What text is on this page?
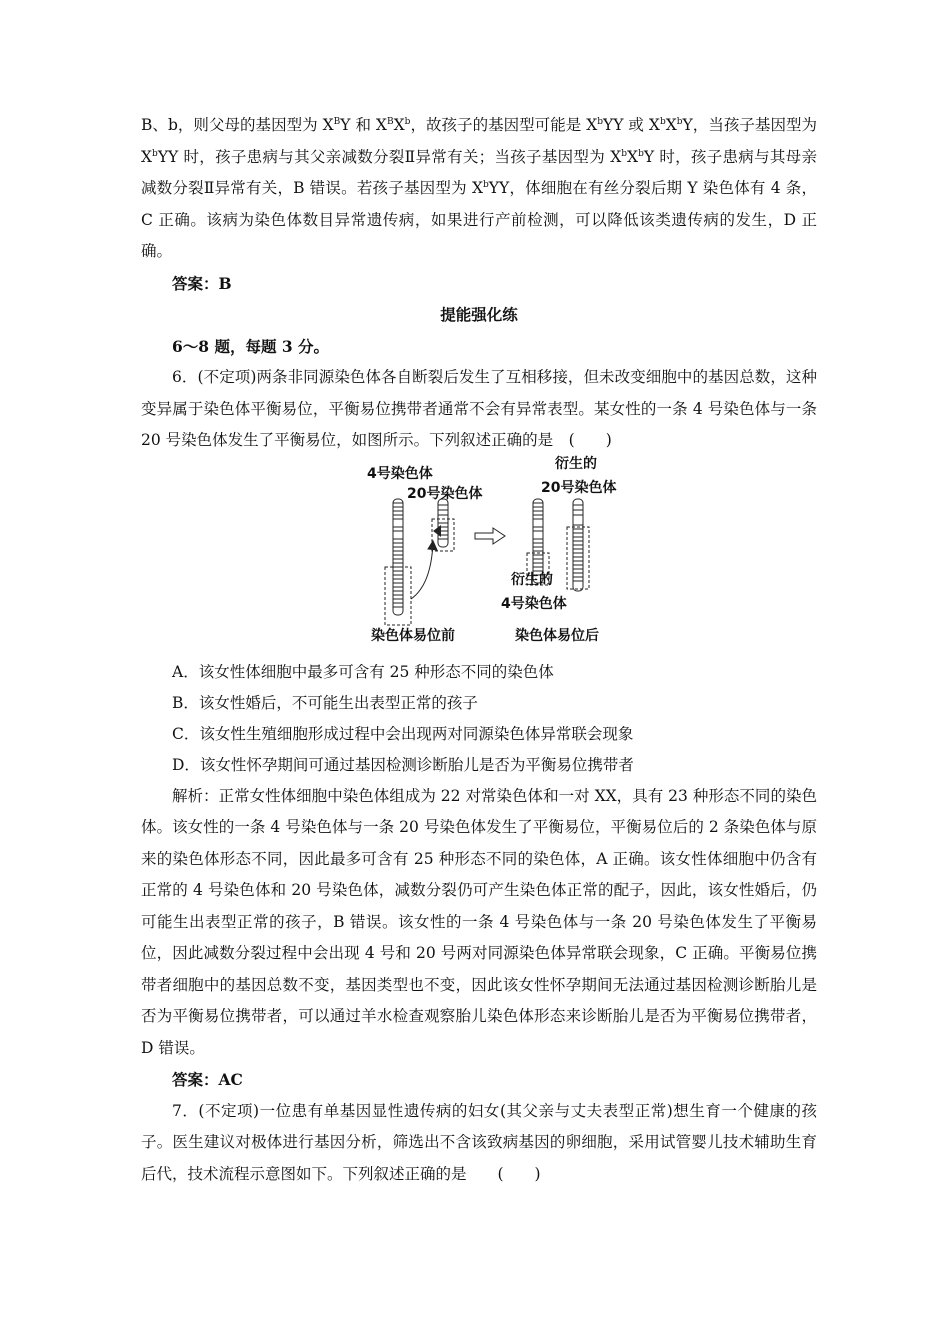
B、b，则父母的基因型为 $X^BY$ 和 $X^BX^b$，故孩子的基因型可能是 $X^bYY$ 或 $X^bX^bY$，当孩子基因型为 $X^bYY$ 时，孩子患病与其父亲减数分裂Ⅱ异常有关；当孩子基因型为 $X^bX^bY$ 时，孩子患病与其母亲减数分裂Ⅱ异常有关，B 错误。若孩子基因型为 $X^bYY$，体细胞在有丝分裂后期 Y 染色体有 4 条，C 正确。该病为染色体数目异常遗传病，如果进行产前检测，可以降低该类遗传病的发生，D 正确。

答案：B

提能强化练

6～8 题，每题 3 分。

6．(不定项)两条非同源染色体各自断裂后发生了互相移接，但未改变细胞中的基因总数，这种变异属于染色体平衡易位，平衡易位携带者通常不会有异常表型。某女性的一条 4 号染色体与一条 20 号染色体发生了平衡易位，如图所示。下列叙述正确的是　(　　)

4号染色体
20号染色体
衍生的
20号染色体
衍生的
4号染色体
染色体易位前	染色体易位后

A．该女性体细胞中最多可含有 25 种形态不同的染色体

B．该女性婚后，不可能生出表型正常的孩子

C．该女性生殖细胞形成过程中会出现两对同源染色体异常联会现象

D．该女性怀孕期间可通过基因检测诊断胎儿是否为平衡易位携带者

解析：正常女性体细胞中染色体组成为 22 对常染色体和一对 XX，具有 23 种形态不同的染色体。该女性的一条 4 号染色体与一条 20 号染色体发生了平衡易位，平衡易位后的 2 条染色体与原来的染色体形态不同，因此最多可含有 25 种形态不同的染色体，A 正确。该女性体细胞中仍含有正常的 4 号染色体和 20 号染色体，减数分裂仍可产生染色体正常的配子，因此，该女性婚后，仍可能生出表型正常的孩子，B 错误。该女性的一条 4 号染色体与一条 20 号染色体发生了平衡易位，因此减数分裂过程中会出现 4 号和 20 号两对同源染色体异常联会现象，C 正确。平衡易位携带者细胞中的基因总数不变，基因类型也不变，因此该女性怀孕期间无法通过基因检测诊断胎儿是否为平衡易位携带者，可以通过羊水检查观察胎儿染色体形态来诊断胎儿是否为平衡易位携带者，D 错误。

答案：AC

7．(不定项)一位患有单基因显性遗传病的妇女(其父亲与丈夫表型正常)想生育一个健康的孩子。医生建议对极体进行基因分析，筛选出不含该致病基因的卵细胞，采用试管婴儿技术辅助生育后代，技术流程示意图如下。下列叙述正确的是　　(　　)
